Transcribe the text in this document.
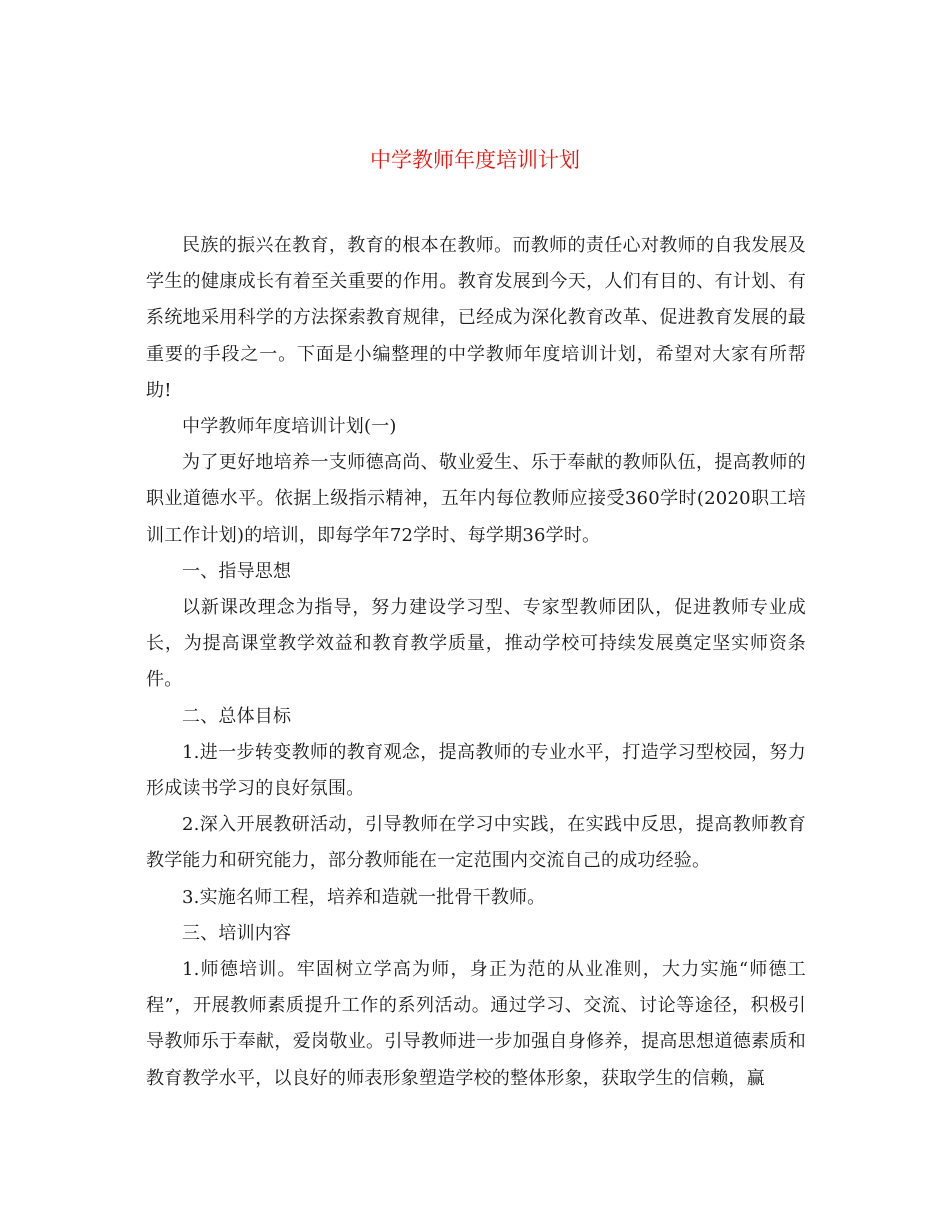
中学教师年度培训计划

民族的振兴在教育，教育的根本在教师。而教师的责任心对教师的自我发展及学生的健康成长有着至关重要的作用。教育发展到今天，人们有目的、有计划、有系统地采用科学的方法探索教育规律，已经成为深化教育改革、促进教育发展的最重要的手段之一。下面是小编整理的中学教师年度培训计划，希望对大家有所帮助!

中学教师年度培训计划(一)

为了更好地培养一支师德高尚、敬业爱生、乐于奉献的教师队伍，提高教师的职业道德水平。依据上级指示精神，五年内每位教师应接受360学时(2020职工培训工作计划)的培训，即每学年72学时、每学期36学时。

一、指导思想

以新课改理念为指导，努力建设学习型、专家型教师团队，促进教师专业成长，为提高课堂教学效益和教育教学质量，推动学校可持续发展奠定坚实师资条件。

二、总体目标

1.进一步转变教师的教育观念，提高教师的专业水平，打造学习型校园，努力形成读书学习的良好氛围。

2.深入开展教研活动，引导教师在学习中实践，在实践中反思，提高教师教育教学能力和研究能力，部分教师能在一定范围内交流自己的成功经验。

3.实施名师工程，培养和造就一批骨干教师。

三、培训内容

1.师德培训。牢固树立学高为师，身正为范的从业准则，大力实施“师德工程”，开展教师素质提升工作的系列活动。通过学习、交流、讨论等途径，积极引导教师乐于奉献，爱岗敬业。引导教师进一步加强自身修养，提高思想道德素质和教育教学水平，以良好的师表形象塑造学校的整体形象，获取学生的信赖，赢
